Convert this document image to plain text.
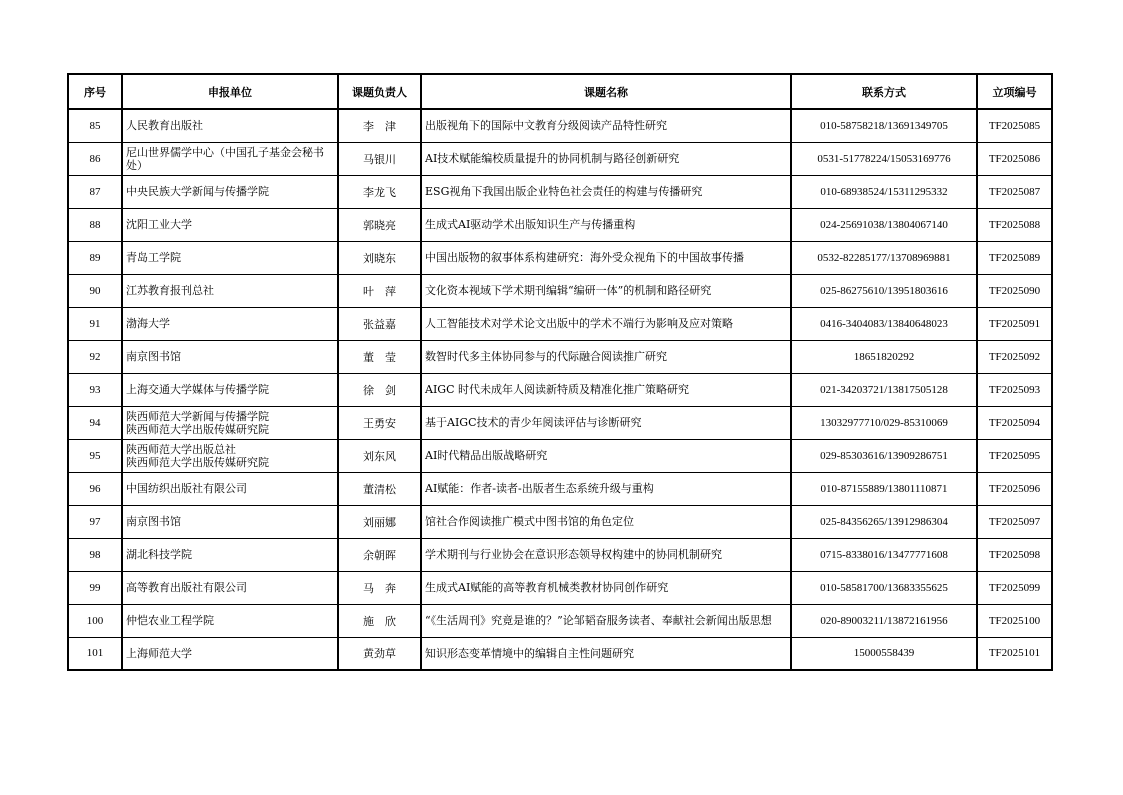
序号	申报单位	课题负责人	课题名称	联系方式	立项编号
85	人民教育出版社	李　津	出版视角下的国际中文教育分级阅读产品特性研究	010-58758218/13691349705	TF2025085
86	尼山世界儒学中心（中国孔子基金会秘书处）	马银川	AI技术赋能编校质量提升的协同机制与路径创新研究	0531-51778224/15053169776	TF2025086
87	中央民族大学新闻与传播学院	李龙飞	ESG视角下我国出版企业特色社会责任的构建与传播研究	010-68938524/15311295332	TF2025087
88	沈阳工业大学	郭晓亮	生成式AI驱动学术出版知识生产与传播重构	024-25691038/13804067140	TF2025088
89	青岛工学院	刘晓东	中国出版物的叙事体系构建研究：海外受众视角下的中国故事传播	0532-82285177/13708969881	TF2025089
90	江苏教育报刊总社	叶　萍	文化资本视域下学术期刊编辑“编研一体”的机制和路径研究	025-86275610/13951803616	TF2025090
91	渤海大学	张益嘉	人工智能技术对学术论文出版中的学术不端行为影响及应对策略	0416-3404083/13840648023	TF2025091
92	南京图书馆	董　莹	数智时代多主体协同参与的代际融合阅读推广研究	18651820292	TF2025092
93	上海交通大学媒体与传播学院	徐　剑	AIGC 时代未成年人阅读新特质及精准化推广策略研究	021-34203721/13817505128	TF2025093
94	陕西师范大学新闻与传播学院
陕西师范大学出版传媒研究院	王勇安	基于AIGC技术的青少年阅读评估与诊断研究	13032977710/029-85310069	TF2025094
95	陕西师范大学出版总社
陕西师范大学出版传媒研究院	刘东风	AI时代精品出版战略研究	029-85303616/13909286751	TF2025095
96	中国纺织出版社有限公司	董清松	AI赋能：作者-读者-出版者生态系统升级与重构	010-87155889/13801110871	TF2025096
97	南京图书馆	刘丽娜	馆社合作阅读推广模式中图书馆的角色定位	025-84356265/13912986304	TF2025097
98	湖北科技学院	余朝晖	学术期刊与行业协会在意识形态领导权构建中的协同机制研究	0715-8338016/13477771608	TF2025098
99	高等教育出版社有限公司	马　奔	生成式AI赋能的高等教育机械类教材协同创作研究	010-58581700/13683355625	TF2025099
100	仲恺农业工程学院	施　欣	“《生活周刊》究竟是谁的？”论邹韬奋服务读者、奉献社会新闻出版思想	020-89003211/13872161956	TF2025100
101	上海师范大学	黄劲草	知识形态变革情境中的编辑自主性问题研究	15000558439	TF2025101
